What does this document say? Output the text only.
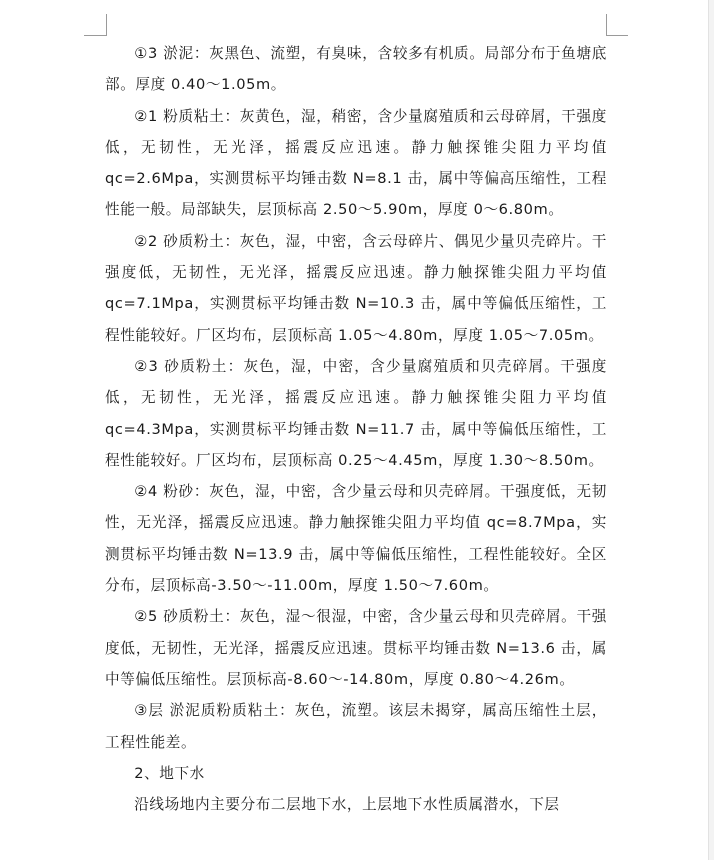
①3 淤泥：灰黑色、流塑，有臭味，含较多有机质。局部分布于鱼塘底部。厚度 0.40～1.05m。

②1 粉质粘土：灰黄色，湿，稍密，含少量腐殖质和云母碎屑，干强度低，无韧性，无光泽，摇震反应迅速。静力触探锥尖阻力平均值 qc=2.6Mpa，实测贯标平均锤击数 N=8.1 击，属中等偏高压缩性，工程性能一般。局部缺失，层顶标高 2.50～5.90m，厚度 0～6.80m。

②2 砂质粉土：灰色，湿，中密，含云母碎片、偶见少量贝壳碎片。干强度低，无韧性，无光泽，摇震反应迅速。静力触探锥尖阻力平均值 qc=7.1Mpa，实测贯标平均锤击数 N=10.3 击，属中等偏低压缩性，工程性能较好。厂区均布，层顶标高 1.05～4.80m，厚度 1.05～7.05m。

②3 砂质粉土：灰色，湿，中密，含少量腐殖质和贝壳碎屑。干强度低，无韧性，无光泽，摇震反应迅速。静力触探锥尖阻力平均值 qc=4.3Mpa，实测贯标平均锤击数 N=11.7 击，属中等偏低压缩性，工程性能较好。厂区均布，层顶标高 0.25～4.45m，厚度 1.30～8.50m。

②4 粉砂：灰色，湿，中密，含少量云母和贝壳碎屑。干强度低，无韧性，无光泽，摇震反应迅速。静力触探锥尖阻力平均值 qc=8.7Mpa，实测贯标平均锤击数 N=13.9 击，属中等偏低压缩性，工程性能较好。全区分布，层顶标高-3.50～-11.00m，厚度 1.50～7.60m。

②5 砂质粉土：灰色，湿～很湿，中密，含少量云母和贝壳碎屑。干强度低，无韧性，无光泽，摇震反应迅速。贯标平均锤击数 N=13.6 击，属中等偏低压缩性。层顶标高-8.60～-14.80m，厚度 0.80～4.26m。

③层 淤泥质粉质粘土：灰色，流塑。该层未揭穿，属高压缩性土层，工程性能差。

2、地下水

沿线场地内主要分布二层地下水，上层地下水性质属潜水，下层
